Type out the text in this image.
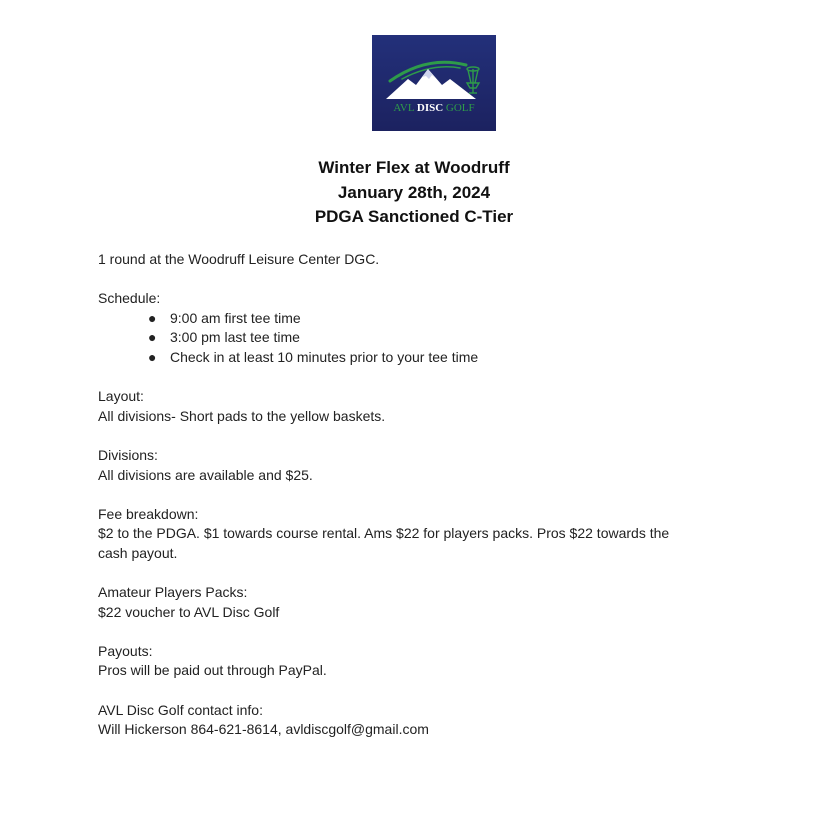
AVL DISC GOLF
Winter Flex at Woodruff
January 28th, 2024
PDGA Sanctioned C-Tier

1 round at the Woodruff Leisure Center DGC.

Schedule:

● 9:00 am first tee time
● 3:00 pm last tee time
● Check in at least 10 minutes prior to your tee time

Layout:

All divisions- Short pads to the yellow baskets.

Divisions:

All divisions are available and $25.

Fee breakdown:

$2 to the PDGA. $1 towards course rental. Ams $22 for players packs. Pros $22 towards the

cash payout.

Amateur Players Packs:

$22 voucher to AVL Disc Golf

Payouts:

Pros will be paid out through PayPal.

AVL Disc Golf contact info:

Will Hickerson 864-621-8614, avldiscgolf@gmail.com
